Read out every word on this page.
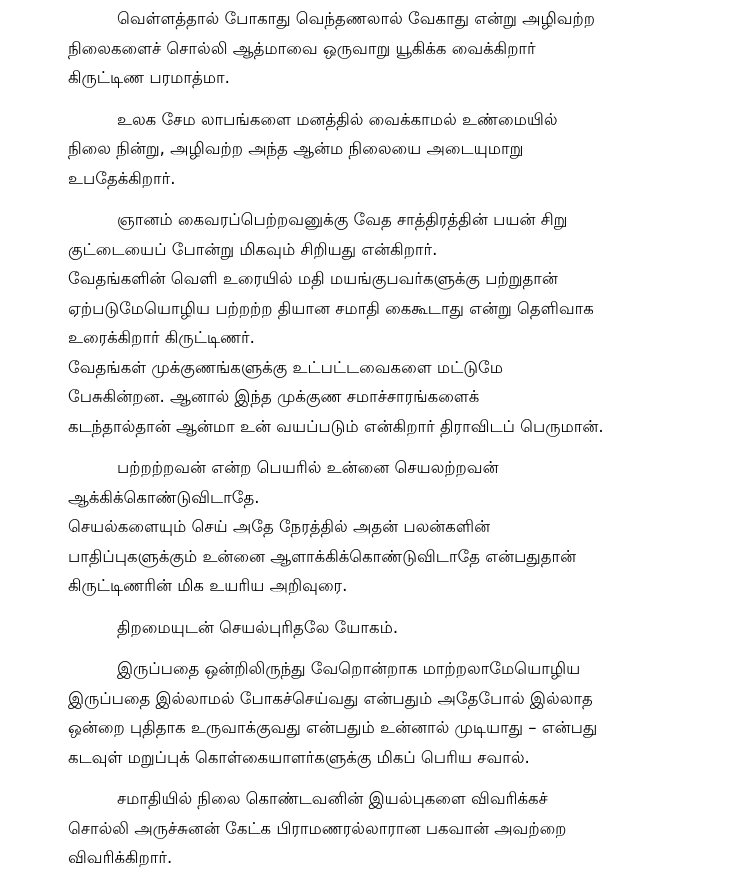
வெள்ளத்தால் போகாது வெந்தணலால் வேகாது என்று அழிவற்ற
நிலைகளைச் சொல்லி ஆத்மாவை ஒருவாறு யூகிக்க வைக்கிறார்
கிருட்டிண பரமாத்மா.

உலக சேம லாபங்களை மனத்தில் வைக்காமல் உண்மையில்
நிலை நின்று, அழிவற்ற அந்த ஆன்ம நிலையை அடையுமாறு
உபதேக்கிறார்.

ஞானம் கைவரப்பெற்றவனுக்கு வேத சாத்திரத்தின் பயன் சிறு
குட்டையைப் போன்று மிகவும் சிறியது என்கிறார்.

வேதங்களின் வெளி உரையில் மதி மயங்குபவர்களுக்கு பற்றுதான்
ஏற்படுமேயொழிய பற்றற்ற தியான சமாதி கைகூடாது என்று தெளிவாக
உரைக்கிறார் கிருட்டிணர்.

வேதங்கள் முக்குணங்களுக்கு உட்பட்டவைகளை மட்டுமே
பேசுகின்றன. ஆனால் இந்த முக்குண சமாச்சாரங்களைக்
கடந்தால்தான் ஆன்மா உன் வயப்படும் என்கிறார் திராவிடப் பெருமான்.

பற்றற்றவன் என்ற பெயரில் உன்னை செயலற்றவன்
ஆக்கிக்கொண்டுவிடாதே.

செயல்களையும் செய் அதே நேரத்தில் அதன் பலன்களின்
பாதிப்புகளுக்கும் உன்னை ஆளாக்கிக்கொண்டுவிடாதே என்பதுதான்
கிருட்டிணரின் மிக உயரிய அறிவுரை.

திறமையுடன் செயல்புரிதலே யோகம்.

இருப்பதை ஒன்றிலிருந்து வேறொன்றாக மாற்றலாமேயொழிய
இருப்பதை இல்லாமல் போகச்செய்வது என்பதும் அதேபோல் இல்லாத
ஒன்றை புதிதாக உருவாக்குவது என்பதும் உன்னால் முடியாது – என்பது
கடவுள் மறுப்புக் கொள்கையாளர்களுக்கு மிகப் பெரிய சவால்.

சமாதியில் நிலை கொண்டவனின் இயல்புகளை விவரிக்கச்
சொல்லி அருச்சுனன் கேட்க பிராமணரல்லாரான பகவான் அவற்றை
விவரிக்கிறார்.
